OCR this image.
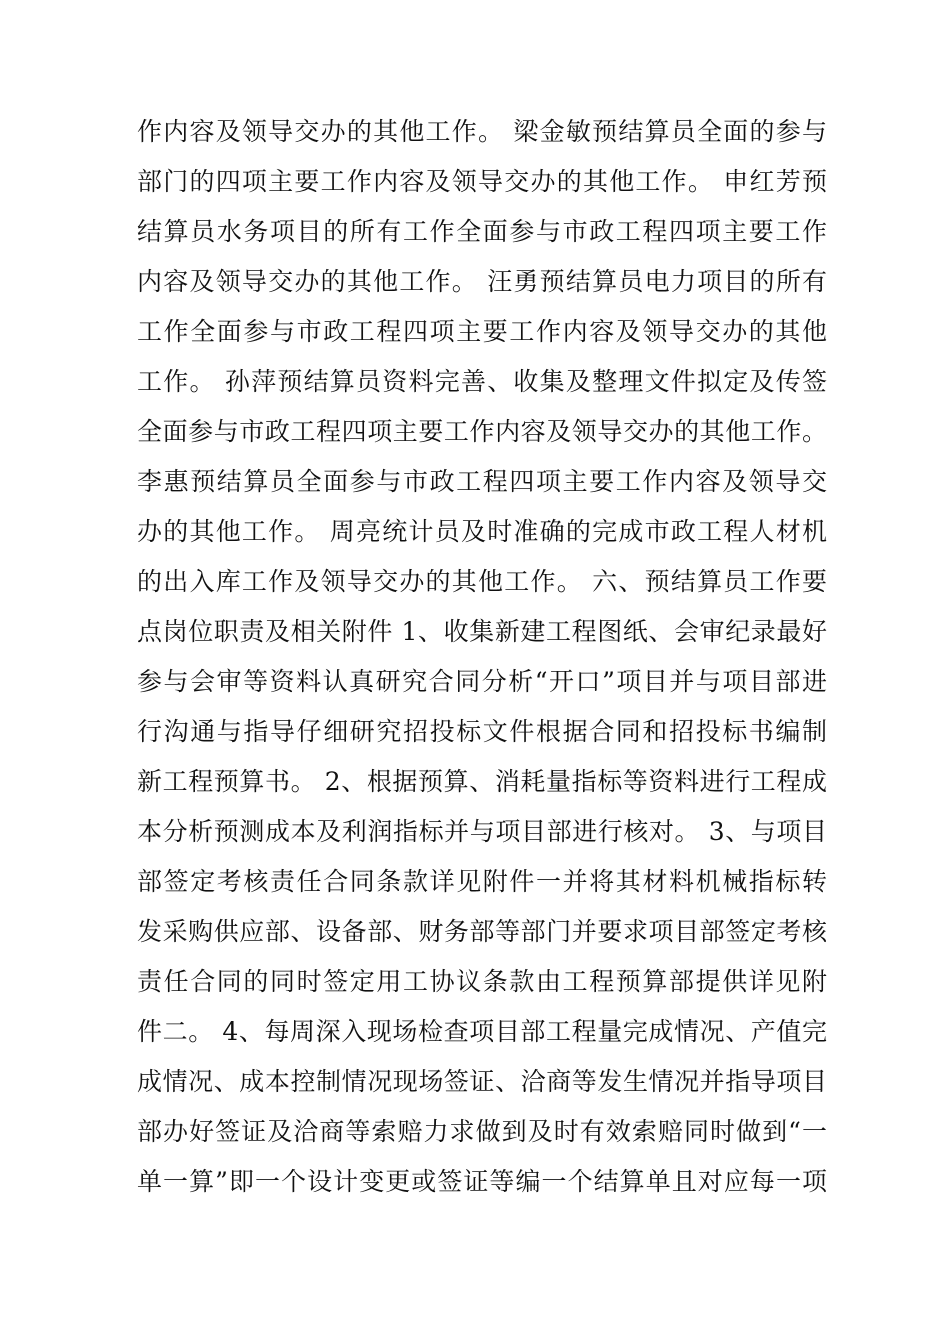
作内容及领导交办的其他工作。 梁金敏预结算员全面的参与
部门的四项主要工作内容及领导交办的其他工作。 申红芳预
结算员水务项目的所有工作全面参与市政工程四项主要工作
内容及领导交办的其他工作。 汪勇预结算员电力项目的所有
工作全面参与市政工程四项主要工作内容及领导交办的其他
工作。 孙萍预结算员资料完善、收集及整理文件拟定及传签
全面参与市政工程四项主要工作内容及领导交办的其他工作。
李惠预结算员全面参与市政工程四项主要工作内容及领导交
办的其他工作。 周亮统计员及时准确的完成市政工程人材机
的出入库工作及领导交办的其他工作。 六、预结算员工作要
点岗位职责及相关附件 1、收集新建工程图纸、会审纪录最好
参与会审等资料认真研究合同分析“开口”项目并与项目部进
行沟通与指导仔细研究招投标文件根据合同和招投标书编制
新工程预算书。 2、根据预算、消耗量指标等资料进行工程成
本分析预测成本及利润指标并与项目部进行核对。 3、与项目
部签定考核责任合同条款详见附件一并将其材料机械指标转
发采购供应部、设备部、财务部等部门并要求项目部签定考核
责任合同的同时签定用工协议条款由工程预算部提供详见附
件二。 4、每周深入现场检查项目部工程量完成情况、产值完
成情况、成本控制情况现场签证、洽商等发生情况并指导项目
部办好签证及洽商等索赔力求做到及时有效索赔同时做到“一
单一算”即一个设计变更或签证等编一个结算单且对应每一项
